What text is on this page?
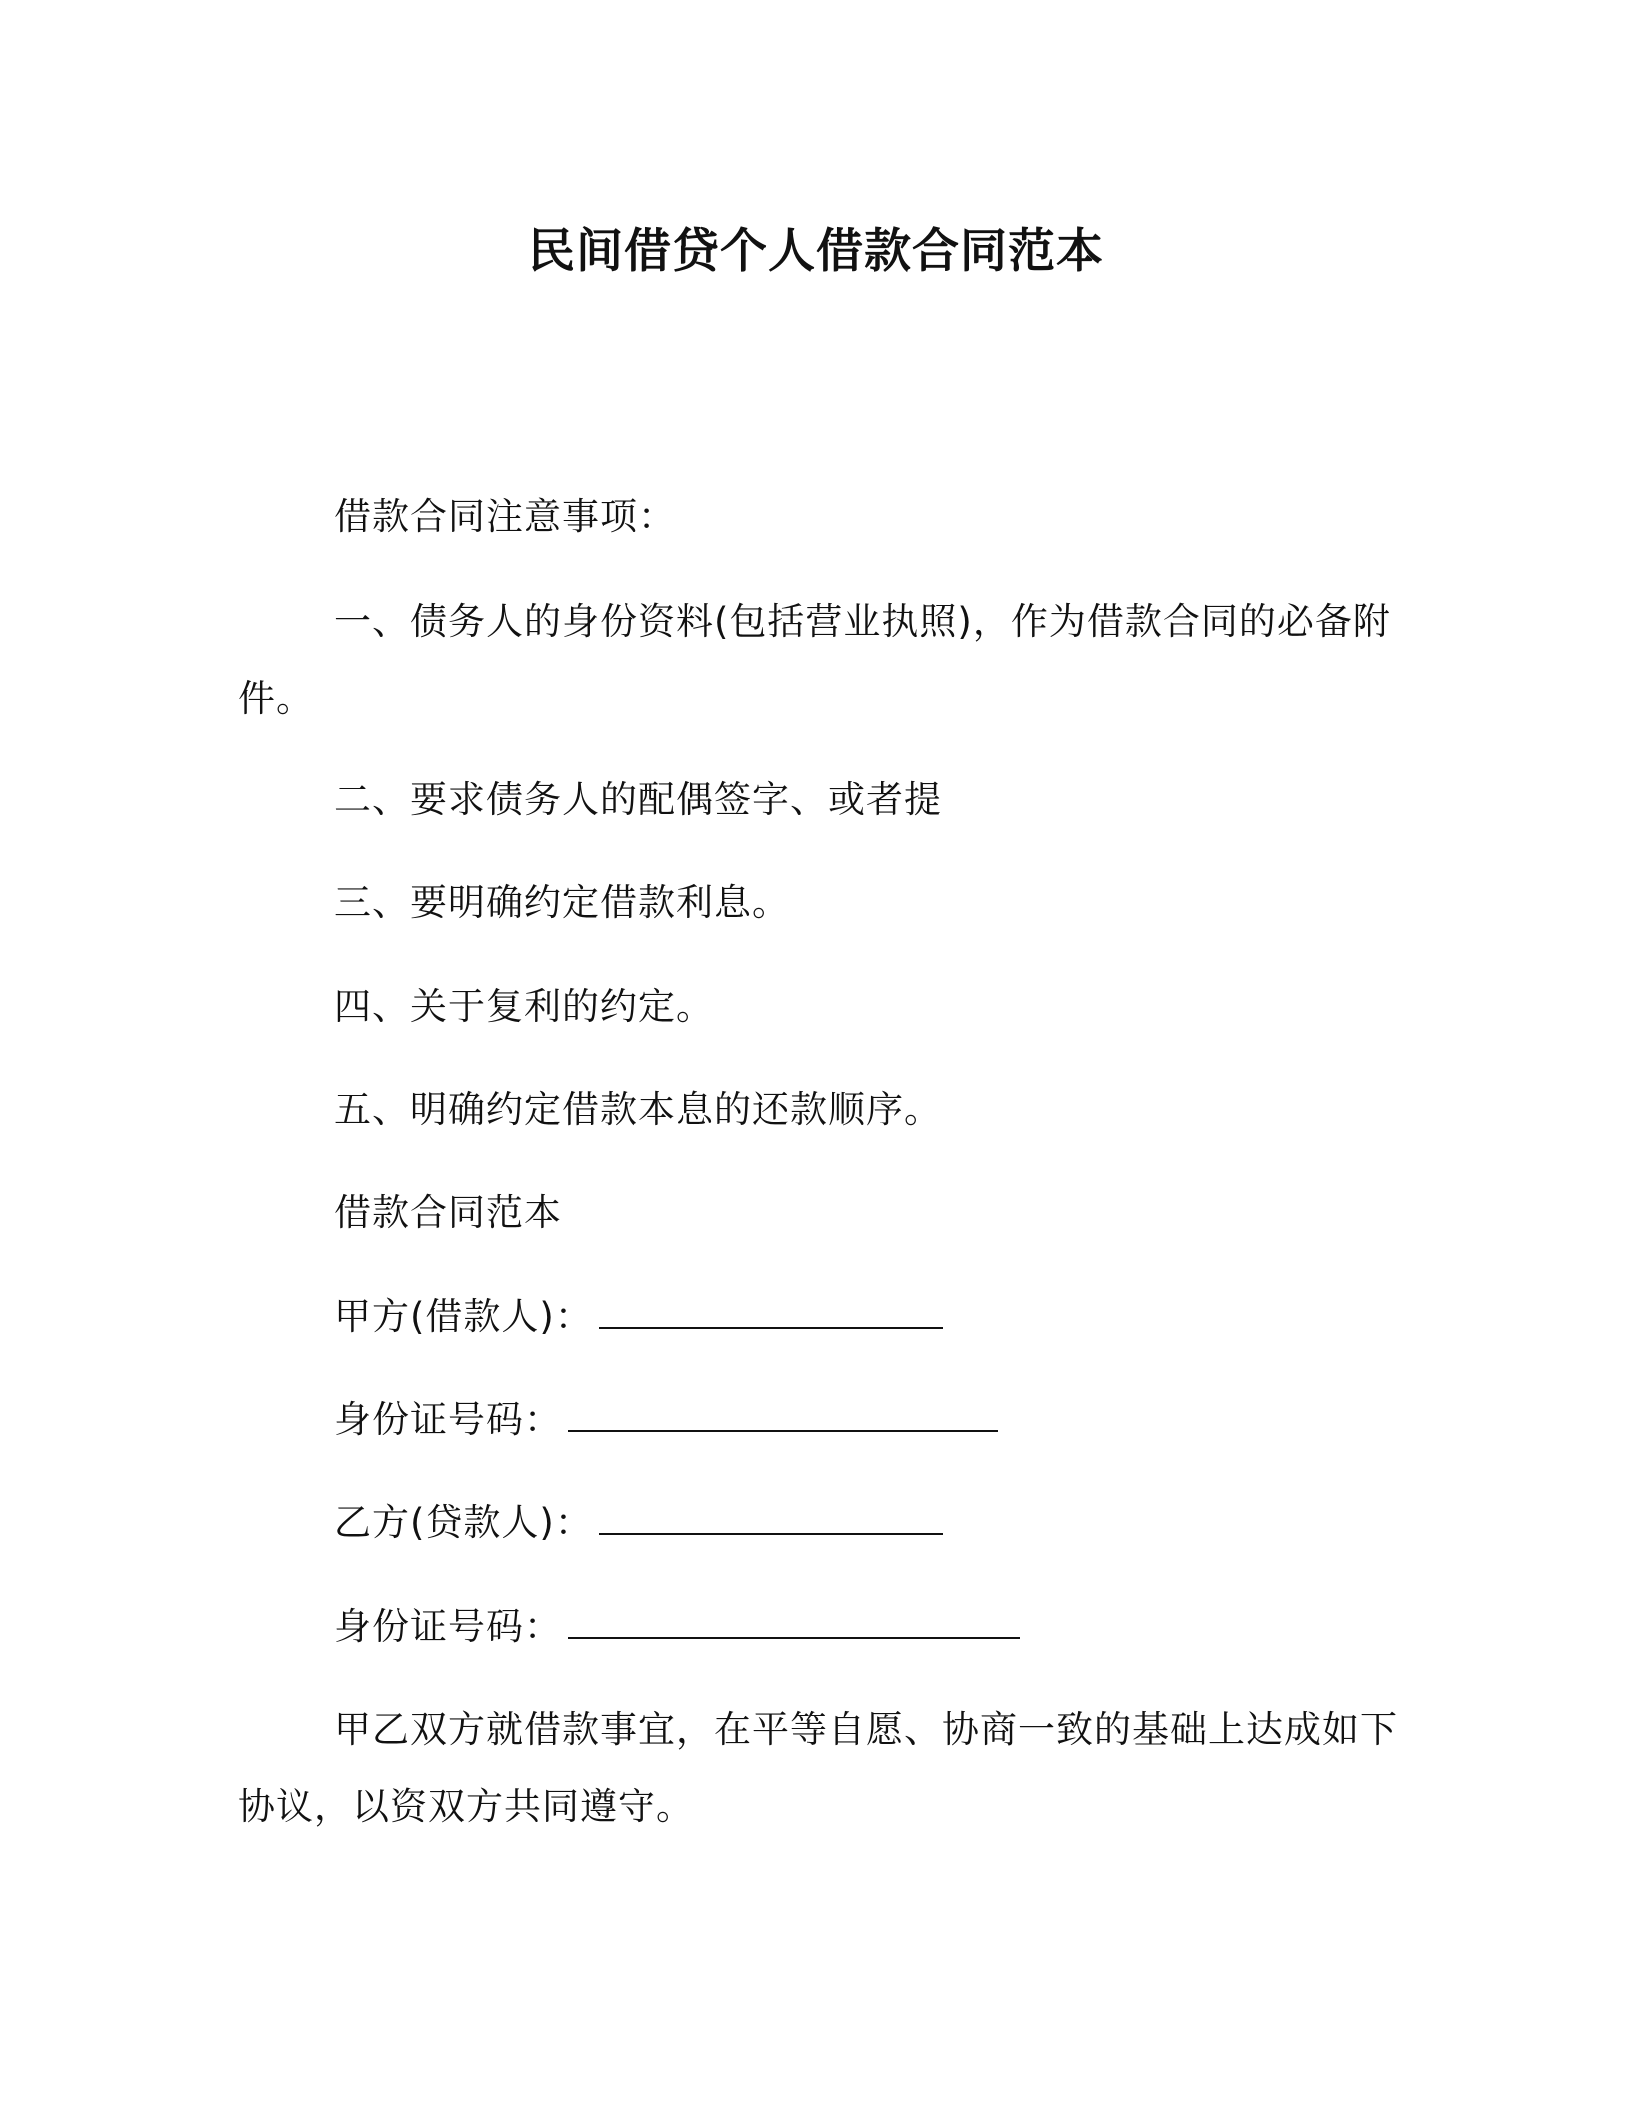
民间借贷个人借款合同范本
借款合同注意事项：
一、债务人的身份资料(包括营业执照)，作为借款合同的必备附
件。
二、要求债务人的配偶签字、或者提
三、要明确约定借款利息。
四、关于复利的约定。
五、明确约定借款本息的还款顺序。
借款合同范本
甲方(借款人)：
身份证号码：
乙方(贷款人)：
身份证号码：
甲乙双方就借款事宜，在平等自愿、协商一致的基础上达成如下
协议，以资双方共同遵守。
